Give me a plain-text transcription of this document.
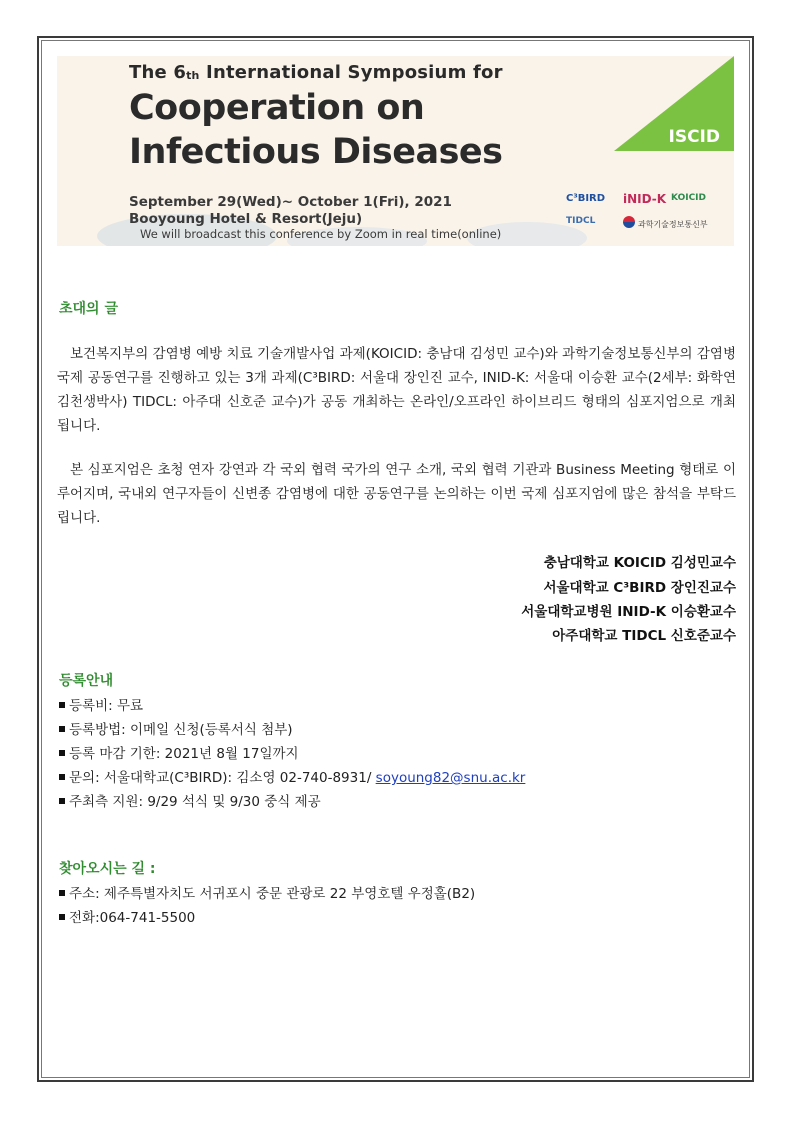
The $6_{th}$ International Symposium for
Cooperation on
Infectious Diseases
September 29(Wed)~ October 1(Fri), 2021
Booyoung Hotel & Resort(Jeju)
We will broadcast this conference by Zoom in real time(online)
ISCID
C³BIRD iNID-K KOICID
TIDCL	과학기술정보통신부
초대의 글
보건복지부의 감염병 예방 치료 기술개발사업 과제(KOICID: 충남대 김성민 교수)와 과학기술정보통신부의 감염병 국제 공동연구를 진행하고 있는 3개 과제(C³BIRD: 서울대 장인진 교수, INID-K: 서울대 이승환 교수(2세부: 화학연 김천생박사) TIDCL: 아주대 신호준 교수)가 공동 개최하는 온라인/오프라인 하이브리드 형태의 심포지엄으로 개최됩니다.
본 심포지엄은 초청 연자 강연과 각 국외 협력 국가의 연구 소개, 국외 협력 기관과 Business Meeting 형태로 이루어지며, 국내외 연구자들이 신변종 감염병에 대한 공동연구를 논의하는 이번 국제 심포지엄에 많은 참석을 부탁드립니다.
충남대학교 KOICID 김성민교수
서울대학교 C³BIRD 장인진교수
서울대학교병원 INID-K 이승환교수
아주대학교 TIDCL 신호준교수
등록안내
등록비: 무료
등록방법: 이메일 신청(등록서식 첨부)
등록 마감 기한: 2021년 8월 17일까지
문의: 서울대학교(C³BIRD): 김소영 02-740-8931/ soyoung82@snu.ac.kr
주최측 지원: 9/29 석식 및 9/30 중식 제공
찾아오시는 길 :
주소: 제주특별자치도 서귀포시 중문 관광로 22 부영호텔 우정홀(B2)
전화:064-741-5500
